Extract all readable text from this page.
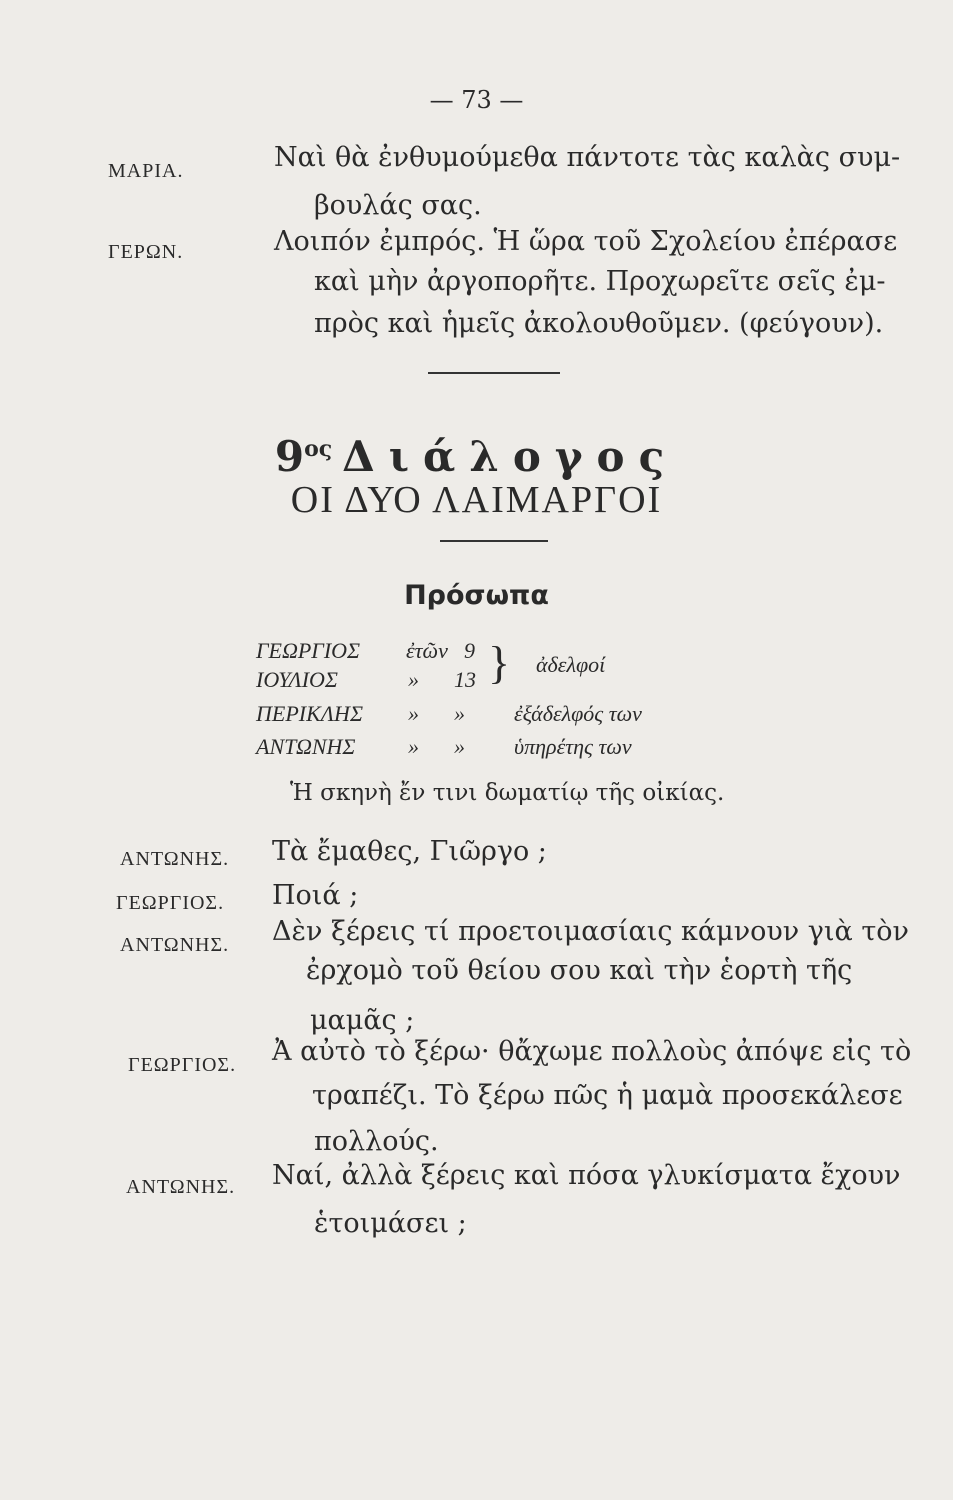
— 73 —
ΜΑΡΙΑ.	Ναὶ θὰ ἐνθυμούμεθα πάντοτε τὰς καλὰς συμ-
βουλάς σας.
ΓΕΡΩΝ.	Λοιπόν ἐμπρός. Ἡ ὥρα τοῦ Σχολείου ἐπέρασε
καὶ μὴν ἀργοπορῆτε. Προχωρεῖτε σεῖς ἐμ-
πρὸς καὶ ἡμεῖς ἀκολουθοῦμεν. (φεύγουν).
$9^{o\varsigma}$ Διάλογος
ΟΙ ΔΥΟ ΛΑΙΜΑΡΓΟΙ
Πρόσωπα
ΓΕΩΡΓΙΟΣ ἐτῶν 9
ΙΟΥΛΙΟΣ	» 13 } ἀδελφοί
ΠΕΡΙΚΛΗΣ » » ἐξάδελφός των
ΑΝΤΩΝΗΣ » » ὑπηρέτης των
Ἡ σκηνὴ ἔν τινι δωματίῳ τῆς οἰκίας.
ΑΝΤΩΝΗΣ. Τὰ ἔμαθες, Γιῶργο ;
ΓΕΩΡΓΙΟΣ. Ποιά ;
ΑΝΤΩΝΗΣ. Δὲν ξέρεις τί προετοιμασίαις κάμνουν γιὰ τὸν
ἐρχομὸ τοῦ θείου σου καὶ τὴν ἑορτὴ τῆς
μαμᾶς ;
ΓΕΩΡΓΙΟΣ. Ἀ αὐτὸ τὸ ξέρω· θἄχωμε πολλοὺς ἀπόψε εἰς τὸ
τραπέζι. Τὸ ξέρω πῶς ἡ μαμὰ προσεκάλεσε
πολλούς.
ΑΝΤΩΝΗΣ. Ναί, ἀλλὰ ξέρεις καὶ πόσα γλυκίσματα ἔχουν
ἑτοιμάσει ;
